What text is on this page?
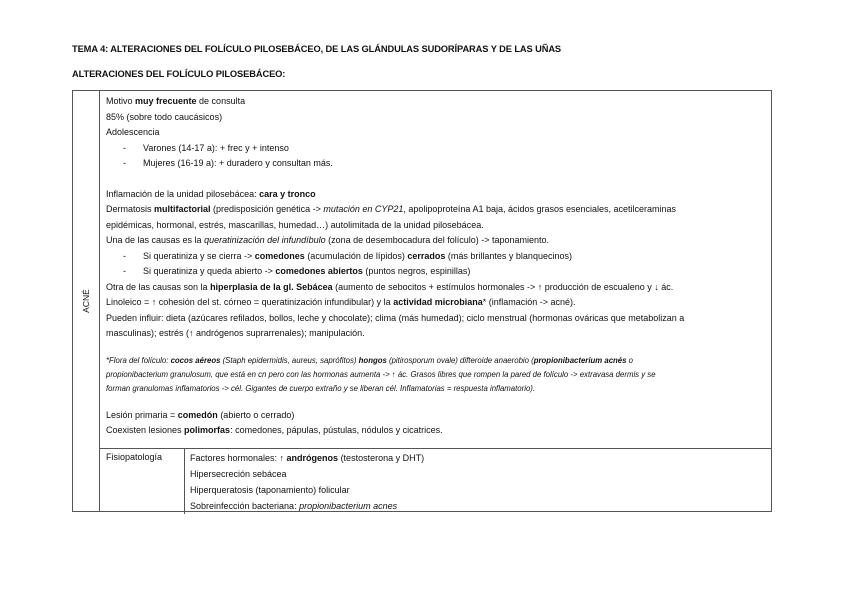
TEMA 4: ALTERACIONES DEL FOLÍCULO PILOSEBÁCEO, DE LAS GLÁNDULAS SUDORÍPARAS Y DE LAS UÑAS
ALTERACIONES DEL FOLÍCULO PILOSEBÁCEO:
ACNÉ

Motivo muy frecuente de consulta

85% (sobre todo caucásicos)

Adolescencia

- Varones (14-17 a): + frec y + intenso

- Mujeres (16-19 a): + duradero y consultan más.

Inflamación de la unidad pilosebácea: cara y tronco

Dermatosis multifactorial (predisposición genética -> mutación en CYP21, apolipoproteína A1 baja, ácidos grasos esenciales, acetilceraminas

epidémicas, hormonal, estrés, mascarillas, humedad…) autolimitada de la unidad pilosebácea.

Una de las causas es la queratinización del infundíbulo (zona de desembocadura del folículo) -> taponamiento.

- Si queratiniza y se cierra -> comedones (acumulación de lípidos) cerrados (más brillantes y blanquecinos)

- Si queratiniza y queda abierto -> comedones abiertos (puntos negros, espinillas)

Otra de las causas son la hiperplasia de la gl. Sebácea (aumento de sebocitos + estímulos hormonales -> ↑ producción de escualeno y ↓ ác.

Linoleico = ↑ cohesión del st. córneo = queratinización infundibular) y la actividad microbiana* (inflamación -> acné).

Pueden influir: dieta (azúcares refilados, bollos, leche y chocolate); clima (más humedad); ciclo menstrual (hormonas ováricas que metabolizan a

masculinas); estrés (↑ andrógenos suprarrenales); manipulación.

*Flora del folículo: cocos aéreos (Staph epidermidis, aureus, saprófitos) hongos (pitirosporum ovale) difteroide anaerobio (propionibacterium acnés o

propionibacterium granulosum, que está en cn pero con las hormonas aumenta -> ↑ ác. Grasos libres que rompen la pared de folículo -> extravasa dermis y se

forman granulomas inflamatorios -> cél. Gigantes de cuerpo extraño y se liberan cél. Inflamatorias = respuesta inflamatorio).

Lesión primaria = comedón (abierto o cerrado)

Coexisten lesiones polimorfas: comedones, pápulas, pústulas, nódulos y cicatrices.

Fisiopatología	Factores hormonales: ↑ andrógenos (testosterona y DHT)
Hipersecreción sebácea
Hiperqueratosis (taponamiento) folicular
Sobreinfección bacteriana: propionibacterium acnes
